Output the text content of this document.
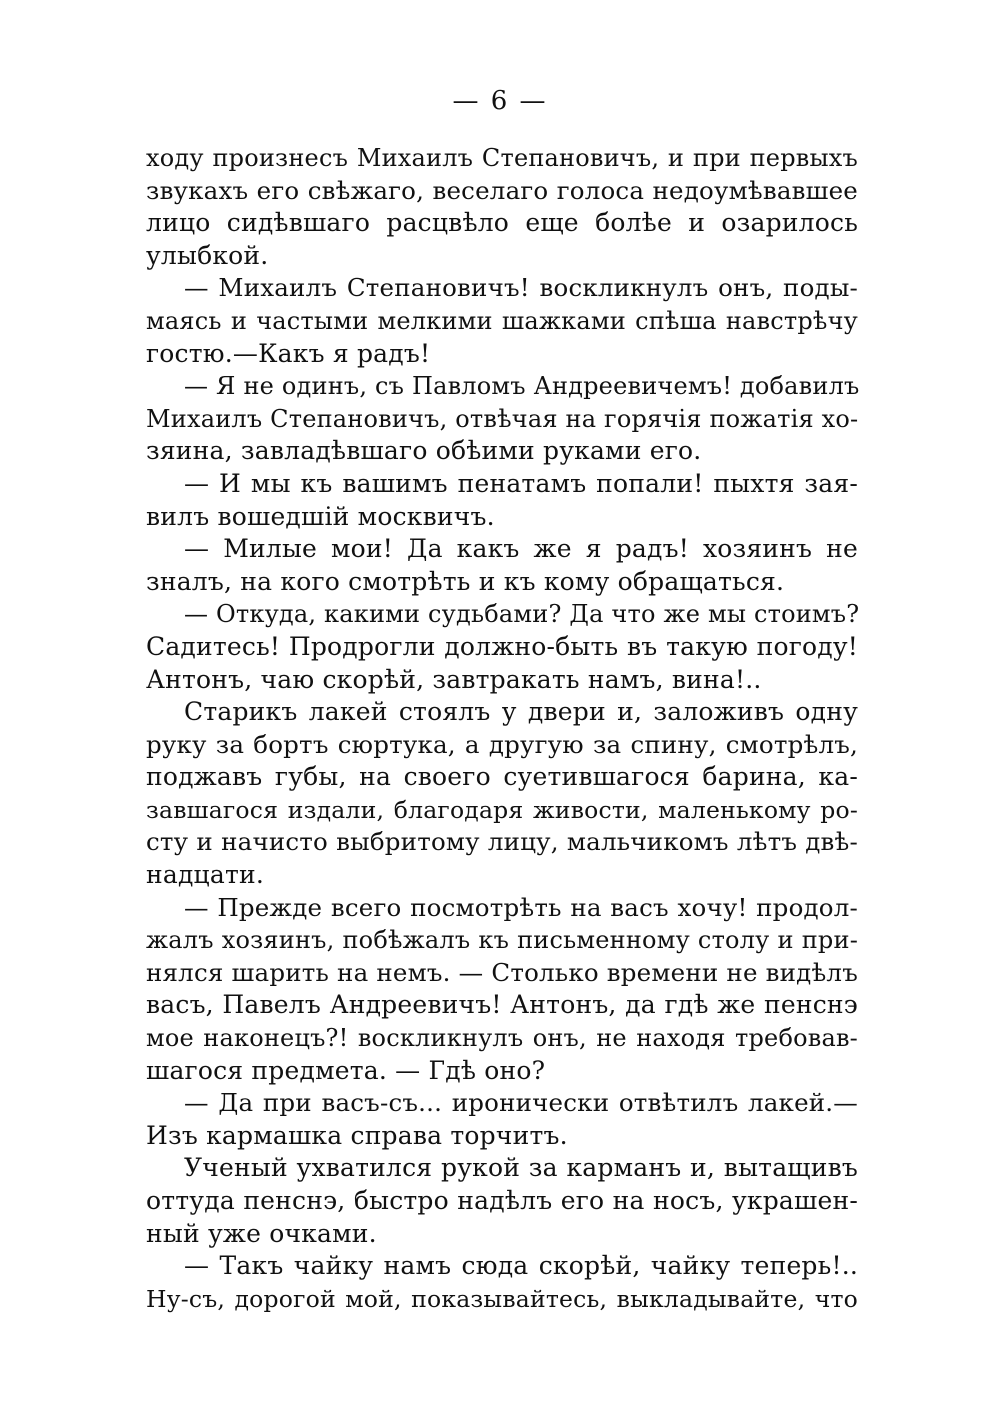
— 6 —
ходу произнесъ Михаилъ Степановичъ, и при первыхъ
звукахъ его свѣжаго, веселаго голоса недоумѣвавшее
лицо сидѣвшаго расцвѣло еще болѣе и озарилось
улыбкой.
— Михаилъ Степановичъ! воскликнулъ онъ, поды-
маясь и частыми мелкими шажками спѣша навстрѣчу
гостю.—Какъ я радъ!
— Я не одинъ, съ Павломъ Андреевичемъ! добавилъ
Михаилъ Степановичъ, отвѣчая на горячія пожатія хо-
зяина, завладѣвшаго обѣими руками его.
— И мы къ вашимъ пенатамъ попали! пыхтя зая-
вилъ вошедшій москвичъ.
— Милые мои! Да какъ же я радъ! хозяинъ не
зналъ, на кого смотрѣть и къ кому обращаться.
— Откуда, какими судьбами? Да что же мы стоимъ?
Садитесь! Продрогли должно-быть въ такую погоду!
Антонъ, чаю скорѣй, завтракать намъ, вина!..
Старикъ лакей стоялъ у двери и, заложивъ одну
руку за бортъ сюртука, а другую за спину, смотрѣлъ,
поджавъ губы, на своего суетившагося барина, ка-
завшагося издали, благодаря живости, маленькому ро-
сту и начисто выбритому лицу, мальчикомъ лѣтъ двѣ-
надцати.
— Прежде всего посмотрѣть на васъ хочу! продол-
жалъ хозяинъ, побѣжалъ къ письменному столу и при-
нялся шарить на немъ. — Столько времени не видѣлъ
васъ, Павелъ Андреевичъ! Антонъ, да гдѣ же пенснэ
мое наконецъ?! воскликнулъ онъ, не находя требовав-
шагося предмета. — Гдѣ оно?
— Да при васъ-съ... иронически отвѣтилъ лакей.—
Изъ кармашка справа торчитъ.
Ученый ухватился рукой за карманъ и, вытащивъ
оттуда пенснэ, быстро надѣлъ его на носъ, украшен-
ный уже очками.
— Такъ чайку намъ сюда скорѣй, чайку теперь!..
Ну-съ, дорогой мой, показывайтесь, выкладывайте, что
